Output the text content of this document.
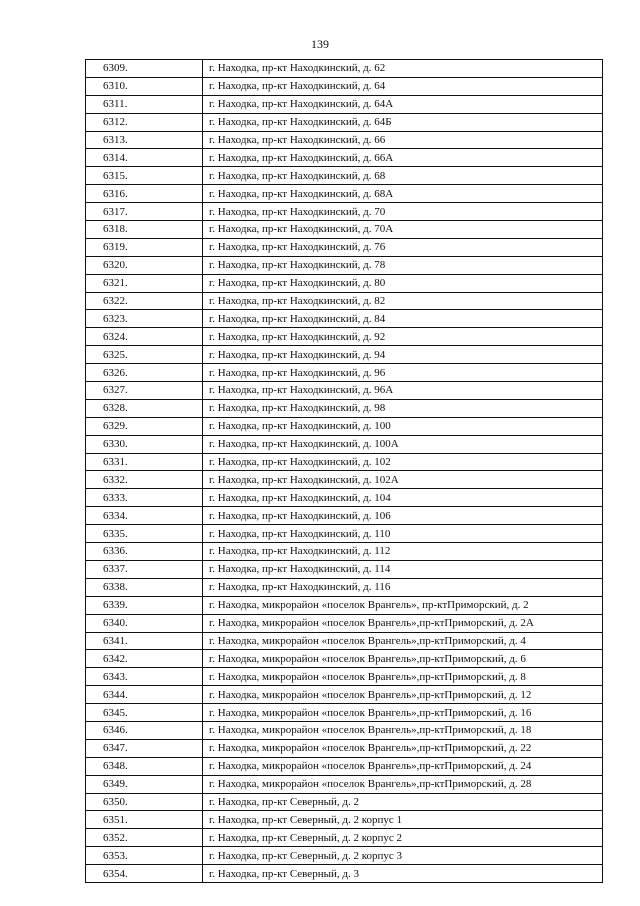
139
6309.	г. Находка, пр-кт Находкинский, д. 62
6310.	г. Находка, пр-кт Находкинский, д. 64
6311.	г. Находка, пр-кт Находкинский, д. 64А
6312.	г. Находка, пр-кт Находкинский, д. 64Б
6313.	г. Находка, пр-кт Находкинский, д. 66
6314.	г. Находка, пр-кт Находкинский, д. 66А
6315.	г. Находка, пр-кт Находкинский, д. 68
6316.	г. Находка, пр-кт Находкинский, д. 68А
6317.	г. Находка, пр-кт Находкинский, д. 70
6318.	г. Находка, пр-кт Находкинский, д. 70А
6319.	г. Находка, пр-кт Находкинский, д. 76
6320.	г. Находка, пр-кт Находкинский, д. 78
6321.	г. Находка, пр-кт Находкинский, д. 80
6322.	г. Находка, пр-кт Находкинский, д. 82
6323.	г. Находка, пр-кт Находкинский, д. 84
6324.	г. Находка, пр-кт Находкинский, д. 92
6325.	г. Находка, пр-кт Находкинский, д. 94
6326.	г. Находка, пр-кт Находкинский, д. 96
6327.	г. Находка, пр-кт Находкинский, д. 96А
6328.	г. Находка, пр-кт Находкинский, д. 98
6329.	г. Находка, пр-кт Находкинский, д. 100
6330.	г. Находка, пр-кт Находкинский, д. 100А
6331.	г. Находка, пр-кт Находкинский, д. 102
6332.	г. Находка, пр-кт Находкинский, д. 102А
6333.	г. Находка, пр-кт Находкинский, д. 104
6334.	г. Находка, пр-кт Находкинский, д. 106
6335.	г. Находка, пр-кт Находкинский, д. 110
6336.	г. Находка, пр-кт Находкинский, д. 112
6337.	г. Находка, пр-кт Находкинский, д. 114
6338.	г. Находка, пр-кт Находкинский, д. 116
6339.	г. Находка, микрорайон «поселок Врангель», пр-ктПриморский, д. 2
6340.	г. Находка, микрорайон «поселок Врангель»,пр-ктПриморский, д. 2А
6341.	г. Находка, микрорайон «поселок Врангель»,пр-ктПриморский, д. 4
6342.	г. Находка, микрорайон «поселок Врангель»,пр-ктПриморский, д. 6
6343.	г. Находка, микрорайон «поселок Врангель»,пр-ктПриморский, д. 8
6344.	г. Находка, микрорайон «поселок Врангель»,пр-ктПриморский, д. 12
6345.	г. Находка, микрорайон «поселок Врангель»,пр-ктПриморский, д. 16
6346.	г. Находка, микрорайон «поселок Врангель»,пр-ктПриморский, д. 18
6347.	г. Находка, микрорайон «поселок Врангель»,пр-ктПриморский, д. 22
6348.	г. Находка, микрорайон «поселок Врангель»,пр-ктПриморский, д. 24
6349.	г. Находка, микрорайон «поселок Врангель»,пр-ктПриморский, д. 28
6350.	г. Находка, пр-кт Северный, д. 2
6351.	г. Находка, пр-кт Северный, д. 2 корпус 1
6352.	г. Находка, пр-кт Северный, д. 2 корпус 2
6353.	г. Находка, пр-кт Северный, д. 2 корпус 3
6354.	г. Находка, пр-кт Северный, д. 3
